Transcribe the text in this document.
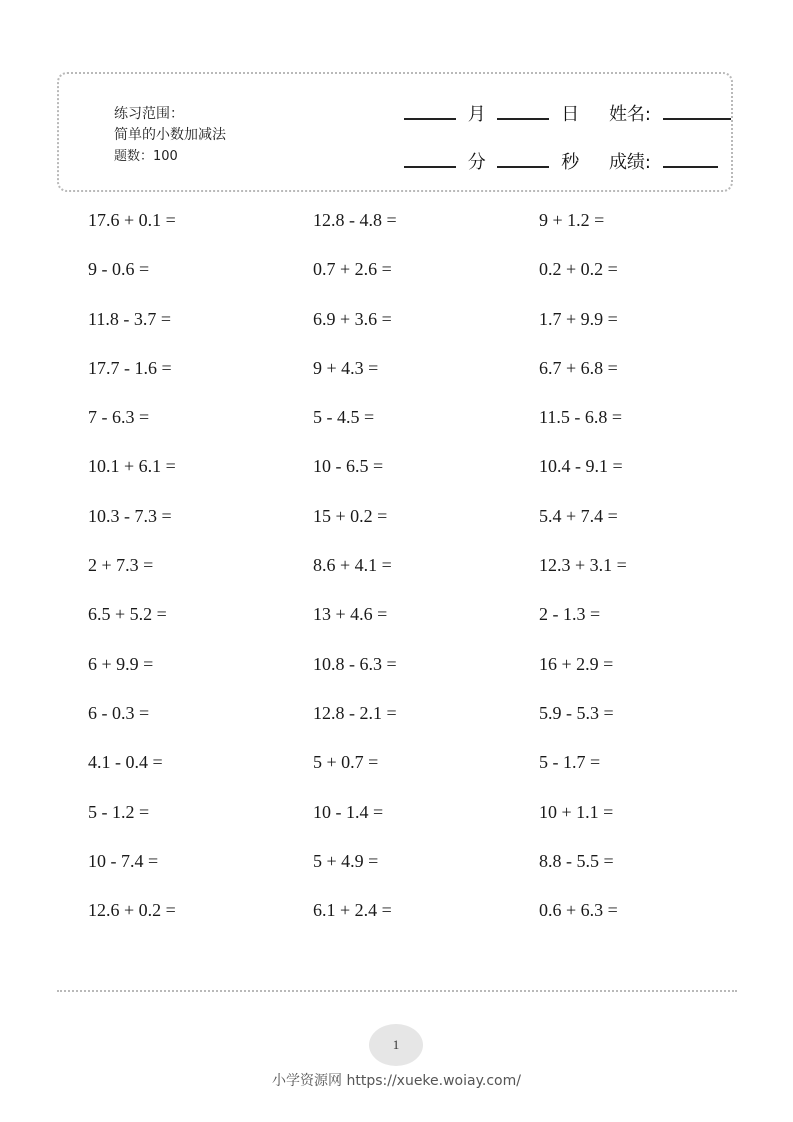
练习范围：
简单的小数加减法
题数：100
月	日 姓名:
分	秒 成绩:
17.6 + 0.1 =	12.8 - 4.8 =	9 + 1.2 =
9 - 0.6 =	0.7 + 2.6 =	0.2 + 0.2 =
11.8 - 3.7 =	6.9 + 3.6 =	1.7 + 9.9 =
17.7 - 1.6 =	9 + 4.3 =	6.7 + 6.8 =
7 - 6.3 =	5 - 4.5 =	11.5 - 6.8 =
10.1 + 6.1 =	10 - 6.5 =	10.4 - 9.1 =
10.3 - 7.3 =	15 + 0.2 =	5.4 + 7.4 =
2 + 7.3 =	8.6 + 4.1 =	12.3 + 3.1 =
6.5 + 5.2 =	13 + 4.6 =	2 - 1.3 =
6 + 9.9 =	10.8 - 6.3 =	16 + 2.9 =
6 - 0.3 =	12.8 - 2.1 =	5.9 - 5.3 =
4.1 - 0.4 =	5 + 0.7 =	5 - 1.7 =
5 - 1.2 =	10 - 1.4 =	10 + 1.1 =
10 - 7.4 =	5 + 4.9 =	8.8 - 5.5 =
12.6 + 0.2 =	6.1 + 2.4 =	0.6 + 6.3 =
1
小学资源网 https://xueke.woiay.com/
